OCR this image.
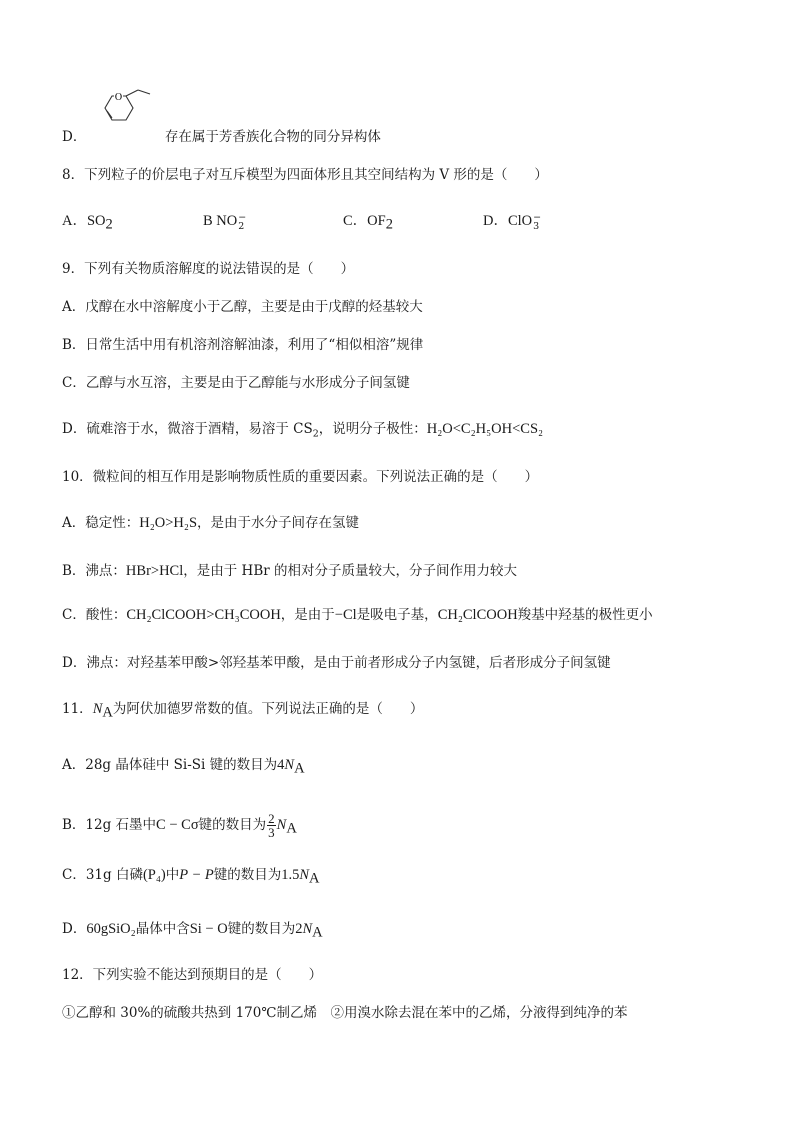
O
D．	存在属于芳香族化合物的同分异构体
8．下列粒子的价层电子对互斥模型为四面体形且其空间结构为 V 形的是（　　）
A．$SO_2$	B NO −
2	C．$OF_2$	D．ClO −
3
9．下列有关物质溶解度的说法错误的是（　　）
A．戊醇在水中溶解度小于乙醇，主要是由于戊醇的烃基较大
B．日常生活中用有机溶剂溶解油漆，利用了“相似相溶”规律
C．乙醇与水互溶，主要是由于乙醇能与水形成分子间氢键
D．硫难溶于水，微溶于酒精，易溶于 $CS_2$，说明分子极性：H₂O<C₂H₅OH<CS₂
10．微粒间的相互作用是影响物质性质的重要因素。下列说法正确的是（　　）
A．稳定性：H₂O>H₂S，是由于水分子间存在氢键
B．沸点：HBr>HCl，是由于 HBr 的相对分子质量较大，分子间作用力较大
C．酸性：CH₂ClCOOH>CH₃COOH，是由于−Cl是吸电子基，CH₂ClCOOH羧基中羟基的极性更小
D．沸点：对羟基苯甲酸>邻羟基苯甲酸，是由于前者形成分子内氢键，后者形成分子间氢键
11．$N_A$为阿伏加德罗常数的值。下列说法正确的是（　　）
A．28g 晶体硅中 Si-Si 键的数目为$4N_A$
B．12g 石墨中C − Cσ键的数目为 $\frac{2}{3} N_A$
C．31g 白磷(P₄)中P − P键的数目为$1.5N_A$
D．60gSiO₂晶体中含Si − O键的数目为$2N_A$
12．下列实验不能达到预期目的是（　　）
①乙醇和 30%的硫酸共热到 170℃制乙烯　②用溴水除去混在苯中的乙烯，分液得到纯净的苯
